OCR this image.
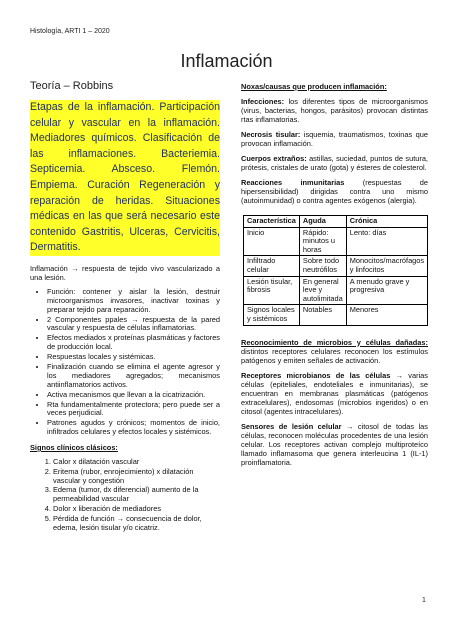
Histología, ARTI 1 – 2020
Inflamación
Teoría – Robbins

Etapas de la inflamación. Participación celular y vascular en la inflamación. Mediadores químicos. Clasificación de las inflamaciones. Bacteriemia. Septicemia. Absceso. Flemón. Empiema. Curación Regeneración y reparación de heridas. Situaciones médicas en las que será necesario este contenido Gastritis, Ulceras, Cervicitis, Dermatitis.

Inflamación → respuesta de tejido vivo vascularizado a una lesión.

• Función: contener y aislar la lesión, destruir microorganismos invasores, inactivar toxinas y preparar tejido para reparación.
• 2 Componentes ppales → respuesta de la pared vascular y respuesta de células inflamatorias.
• Efectos mediados x proteínas plasmáticas y factores de producción local.
• Respuestas locales y sistémicas.
• Finalización cuando se elimina el agente agresor y los mediadores agregados; mecanismos antiinflamatorios activos.
• Activa mecanismos que llevan a la cicatrización.
• Rta fundamentalmente protectora; pero puede ser a veces perjudicial.
• Patrones agudos y crónicos; momentos de inicio, infiltrados celulares y efectos locales y sistémicos.
Signos clínicos clásicos:
1. Calor x dilatación vascular
2. Eritema (rubor, enrojecimiento) x dilatación vascular y congestión
3. Edema (tumor, dx diferencial) aumento de la permeabilidad vascular
4. Dolor x liberación de mediadores
5. Pérdida de función → consecuencia de dolor, edema, lesión tisular y/o cicatriz.
Noxas/causas que producen inflamación:

Infecciones: los diferentes tipos de microorganismos (virus, bacterias, hongos, parásitos) provocan distintas rtas inflamatorias.

Necrosis tisular: isquemia, traumatismos, toxinas que provocan inflamación.

Cuerpos extraños: astillas, suciedad, puntos de sutura, prótesis, cristales de urato (gota) y ésteres de colesterol.

Reacciones inmunitarias (respuestas de hipersensibilidad) dirigidas contra uno mismo (autoinmunidad) o contra agentes exógenos (alergia).

Característica	Aguda	Crónica
Inicio	Rápido: minutos u horas	Lento: días
Infiltrado celular	Sobre todo neutrófilos	Monocitos/macrófagos y linfocitos
Lesión tisular, fibrosis	En general leve y autolimitada	A menudo grave y progresiva
Signos locales y sistémicos	Notables	Menores

Reconocimiento de microbios y células dañadas: distintos receptores celulares reconocen los estímulos patógenos y emiten señales de activación.

Receptores microbianos de las células → varias células (epiteliales, endoteliales e inmunitarias), se encuentran en membranas plasmáticas (patógenos extracelulares), endosomas (microbios ingeridos) o en citosol (agentes intracelulares).

Sensores de lesión celular → citosol de todas las células, reconocen moléculas procedentes de una lesión celular. Los receptores activan complejo multiproteíco llamado inflamasoma que genera interleucina 1 (IL-1) proinflamatoria.

1
